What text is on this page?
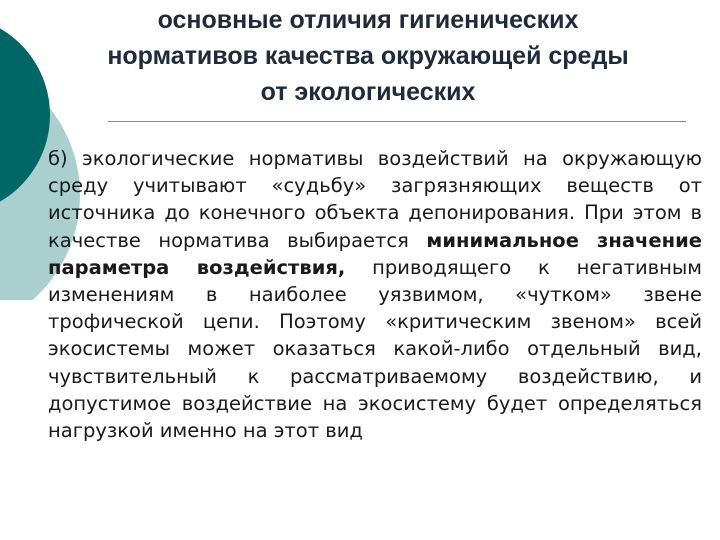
основные отличия гигиенических
нормативов качества окружающей среды
от экологических

б) экологические нормативы воздействий на окружающую среду учитывают «судьбу» загрязняющих веществ от источника до конечного объекта депонирования. При этом в качестве норматива выбирается минимальное значение параметра воздействия, приводящего к негативным изменениям в наиболее уязвимом, «чутком» звене трофической цепи. Поэтому «критическим звеном» всей экосистемы может оказаться какой-либо отдельный вид, чувствительный к рассматриваемому воздействию, и допустимое воздействие на экосистему будет определяться нагрузкой именно на этот вид
